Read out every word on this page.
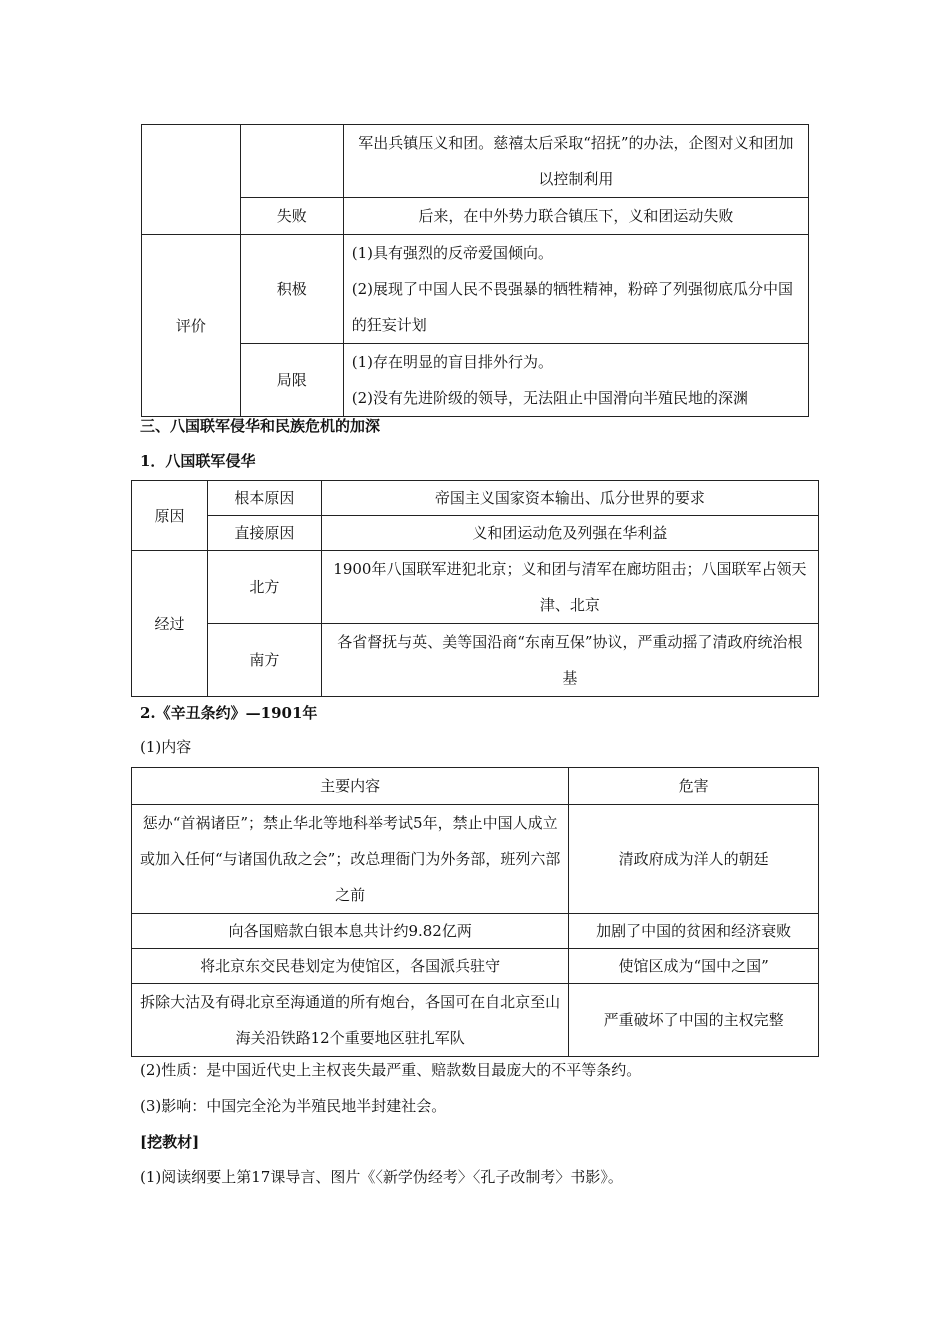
		军出兵镇压义和团。慈禧太后采取“招抚”的办法，企图对义和团加以控制利用
	失败	后来，在中外势力联合镇压下，义和团运动失败
评价	积极	(1)具有强烈的反帝爱国倾向。
(2)展现了中国人民不畏强暴的牺牲精神，粉碎了列强彻底瓜分中国的狂妄计划

	局限	(1)存在明显的盲目排外行为。
(2)没有先进阶级的领导，无法阻止中国滑向半殖民地的深渊
三、八国联军侵华和民族危机的加深
1．八国联军侵华
原因	根本原因	帝国主义国家资本输出、瓜分世界的要求
	直接原因	义和团运动危及列强在华利益
经过	北方	1900年八国联军进犯北京；义和团与清军在廊坊阻击；八国联军占领天津、北京
	南方	各省督抚与英、美等国沿商“东南互保”协议，严重动摇了清政府统治根基
2.《辛丑条约》—1901年
(1)内容
主要内容	危害
惩办“首祸诸臣”；禁止华北等地科举考试5年，禁止中国人成立或加入任何“与诸国仇敌之会”；改总理衙门为外务部，班列六部之前	清政府成为洋人的朝廷
向各国赔款白银本息共计约9.82亿两	加剧了中国的贫困和经济衰败
将北京东交民巷划定为使馆区，各国派兵驻守	使馆区成为“国中之国”
拆除大沽及有碍北京至海通道的所有炮台，各国可在自北京至山海关沿铁路12个重要地区驻扎军队	严重破坏了中国的主权完整
(2)性质：是中国近代史上主权丧失最严重、赔款数目最庞大的不平等条约。
(3)影响：中国完全沦为半殖民地半封建社会。
[挖教材]
(1)阅读纲要上第17课导言、图片《〈新学伪经考〉〈孔子改制考〉书影》。
